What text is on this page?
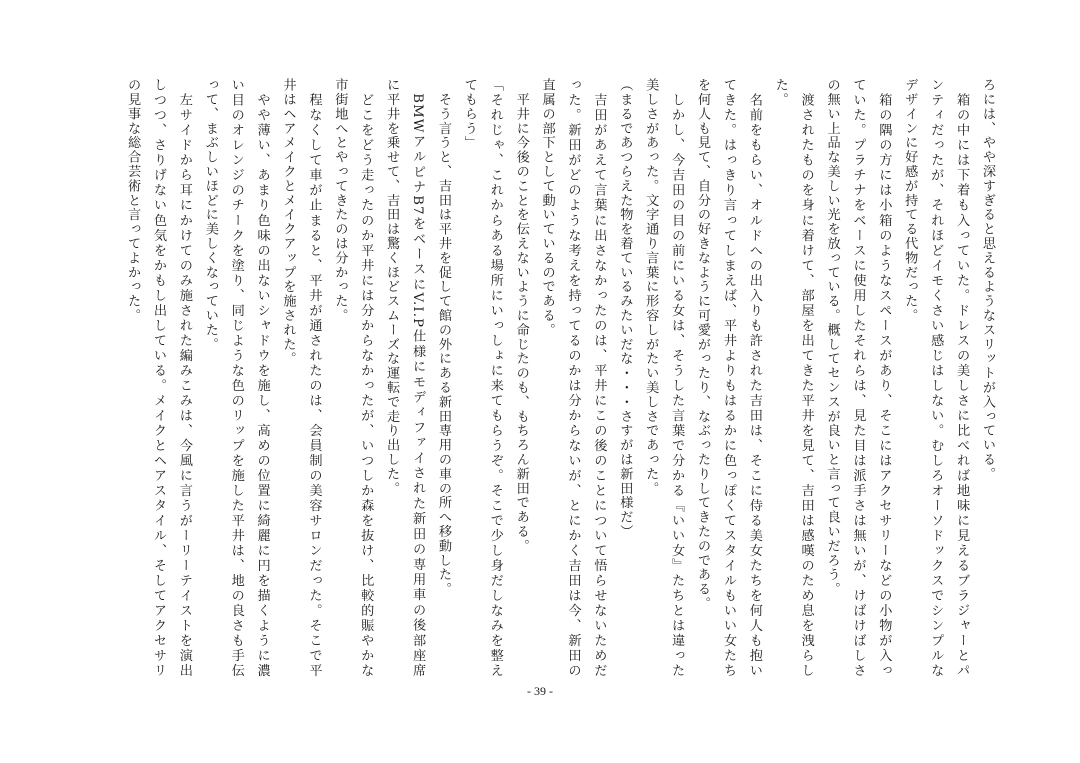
ろには、やや深すぎると思えるようなスリットが入っている。
　箱の中には下着も入っていた。ドレスの美しさに比べれば地味に見えるブラジャーとパ
ンティだったが、それほどイモくさい感じはしない。むしろオーソドックスでシンプルな
デザインに好感が持てる代物だった。
　箱の隅の方には小箱のようなスペースがあり、そこにはアクセサリーなどの小物が入っ
ていた。プラチナをベースに使用したそれらは、見た目は派手さは無いが、けばけばしさ
の無い上品な美しい光を放っている。概してセンスが良いと言って良いだろう。
　渡されたものを身に着けて、部屋を出てきた平井を見て、吉田は感嘆のため息を洩らし
た。
　名前をもらい、オルドへの出入りも許された吉田は、そこに侍る美女たちを何人も抱い
てきた。はっきり言ってしまえば、平井よりもはるかに色っぽくてスタイルもいい女たち
を何人も見て、自分の好きなように可愛がったり、なぶったりしてきたのである。
　しかし、今吉田の目の前にいる女は、そうした言葉で分かる『いい女』たちとは違った
美しさがあった。文字通り言葉に形容しがたい美しさであった。
（まるであつらえた物を着ているみたいだな・・・さすがは新田様だ）
　吉田があえて言葉に出さなかったのは、平井にこの後のことについて悟らせないためだ
った。新田がどのような考えを持ってるのかは分からないが、とにかく吉田は今、新田の
直属の部下として動いているのである。
　平井に今後のことを伝えないように命じたのも、もちろん新田である。
「それじゃ、これからある場所にいっしょに来てもらうぞ。そこで少し身だしなみを整え
てもらう」
　そう言うと、吉田は平井を促して館の外にある新田専用の車の所へ移動した。
　BMWアルピナB7をベースにV.I.P仕様にモディファイされた新田の専用車の後部座席
に平井を乗せて、吉田は驚くほどスムーズな運転で走り出した。
　どこをどう走ったのか平井には分からなかったが、いつしか森を抜け、比較的賑やかな
市街地へとやってきたのは分かった。
　程なくして車が止まると、平井が通されたのは、会員制の美容サロンだった。そこで平
井はヘアメイクとメイクアップを施された。
　やや薄い、あまり色味の出ないシャドウを施し、高めの位置に綺麗に円を描くように濃
い目のオレンジのチークを塗り、同じような色のリップを施した平井は、地の良さも手伝
って、まぶしいほどに美しくなっていた。
　左サイドから耳にかけてのみ施された編みこみは、今風に言うがーリーテイストを演出
しつつ、さりげない色気をかもし出している。メイクとヘアスタイル、そしてアクセサリ
の見事な総合芸術と言ってよかった。
- 39 -
